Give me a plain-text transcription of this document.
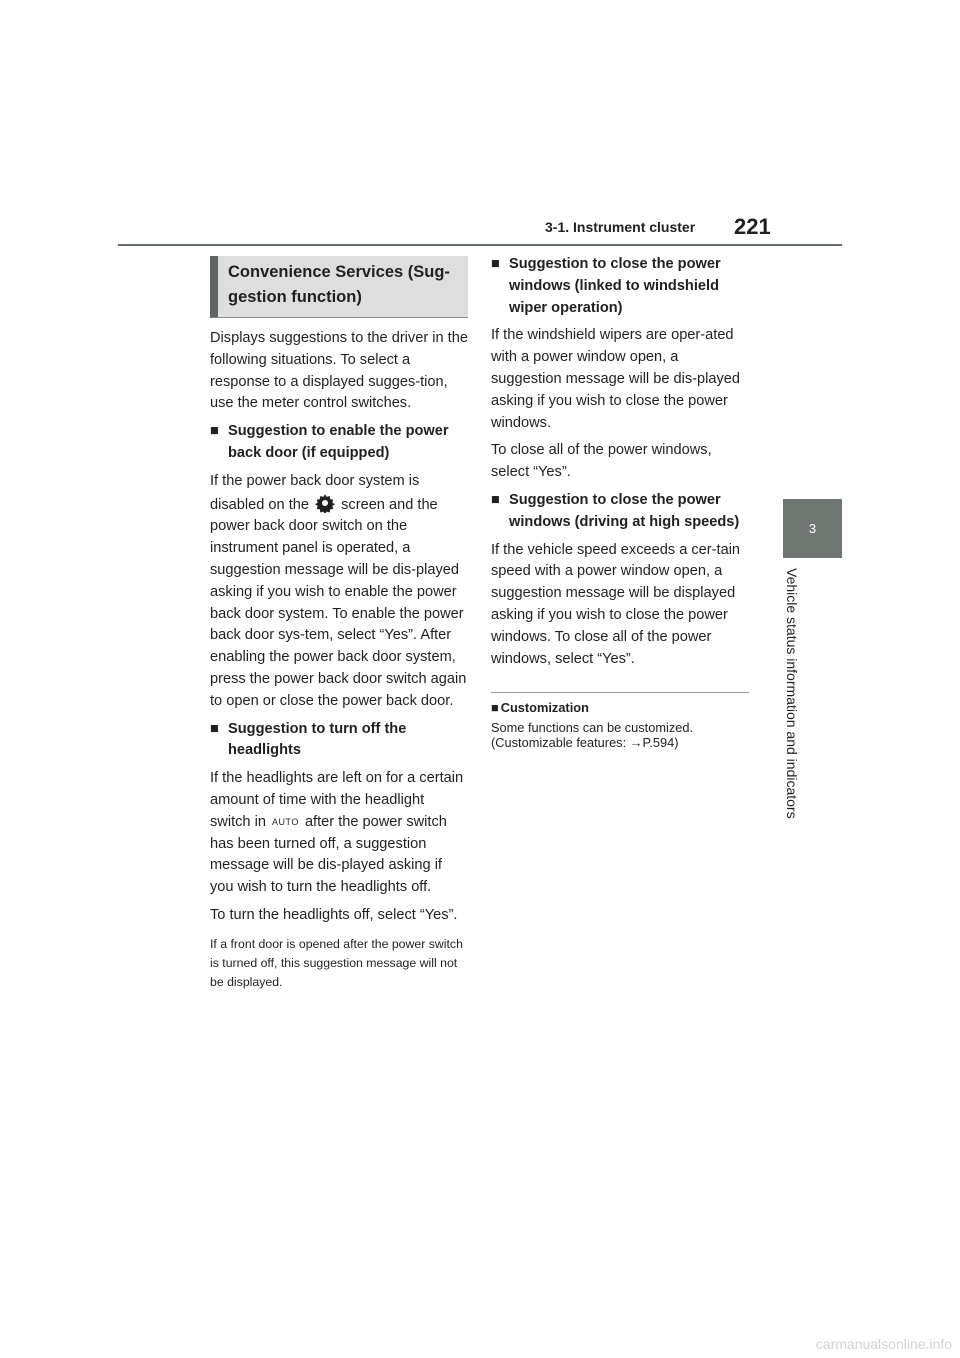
3-1. Instrument cluster 221
3
Vehicle status information and indicators
Convenience Services (Sug-
gestion function)

Displays suggestions to the driver in the following situations. To select a response to a displayed sugges-tion, use the meter control switches.

■ Suggestion to enable the power back door (if equipped)

If the power back door system is disabled on the screen and the power back door switch on the instrument panel is operated, a suggestion message will be dis-played asking if you wish to enable the power back door system. To enable the power back door sys-tem, select “Yes”. After enabling the power back door system, press the power back door switch again to open or close the power back door.

■ Suggestion to turn off the headlights

If the headlights are left on for a certain amount of time with the headlight switch in AUTO after the power switch has been turned off, a suggestion message will be dis-played asking if you wish to turn the headlights off.

To turn the headlights off, select “Yes”.

If a front door is opened after the power switch is turned off, this suggestion message will not be displayed.

■ Suggestion to close the power windows (linked to windshield wiper operation)

If the windshield wipers are oper-ated with a power window open, a suggestion message will be dis-played asking if you wish to close the power windows.

To close all of the power windows, select “Yes”.

■ Suggestion to close the power windows (driving at high speeds)

If the vehicle speed exceeds a cer-tain speed with a power window open, a suggestion message will be displayed asking if you wish to close the power windows. To close all of the power windows, select “Yes”.

■ Customization
Some functions can be customized. (Customizable features: →P.594)
carmanualsonline.info
